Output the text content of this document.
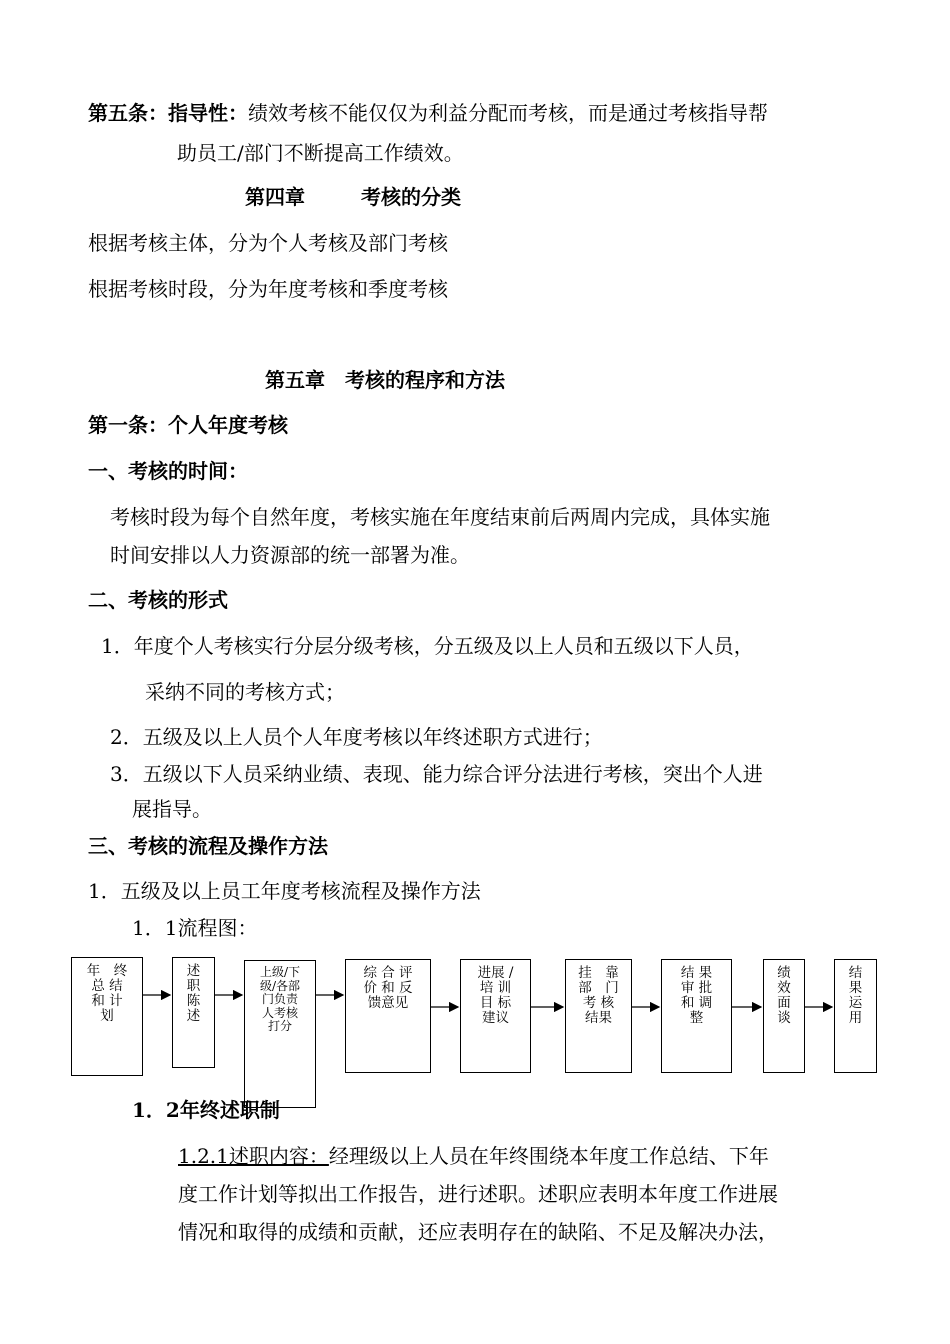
第五条：指导性：绩效考核不能仅仅为利益分配而考核，而是通过考核指导帮
助员工/部门不断提高工作绩效。
第四章	考核的分类
根据考核主体，分为个人考核及部门考核
根据考核时段，分为年度考核和季度考核
第五章 考核的程序和方法
第一条：个人年度考核
一、考核的时间：
考核时段为每个自然年度，考核实施在年度结束前后两周内完成，具体实施
时间安排以人力资源部的统一部署为准。
二、考核的形式
1．年度个人考核实行分层分级考核，分五级及以上人员和五级以下人员，
采纳不同的考核方式；
2．五级及以上人员个人年度考核以年终述职方式进行；
3．五级以下人员采纳业绩、表现、能力综合评分法进行考核，突出个人进
展指导。
三、考核的流程及操作方法
1．五级及以上员工年度考核流程及操作方法
1．1流程图：
年　终
总 结
和 计
划
述
职
陈
述
上级/下
级/各部
门负责
人考核
打分
综 合 评
价 和 反
馈意见
进展 /
培 训
目 标
建议
挂　靠
部　门
考 核
结果
结 果
审 批
和 调
整
绩
效
面
谈
结
果
运
用
1．2年终述职制
1.2.1述职内容：经理级以上人员在年终围绕本年度工作总结、下年
度工作计划等拟出工作报告，进行述职。述职应表明本年度工作进展
情况和取得的成绩和贡献，还应表明存在的缺陷、不足及解决办法，
